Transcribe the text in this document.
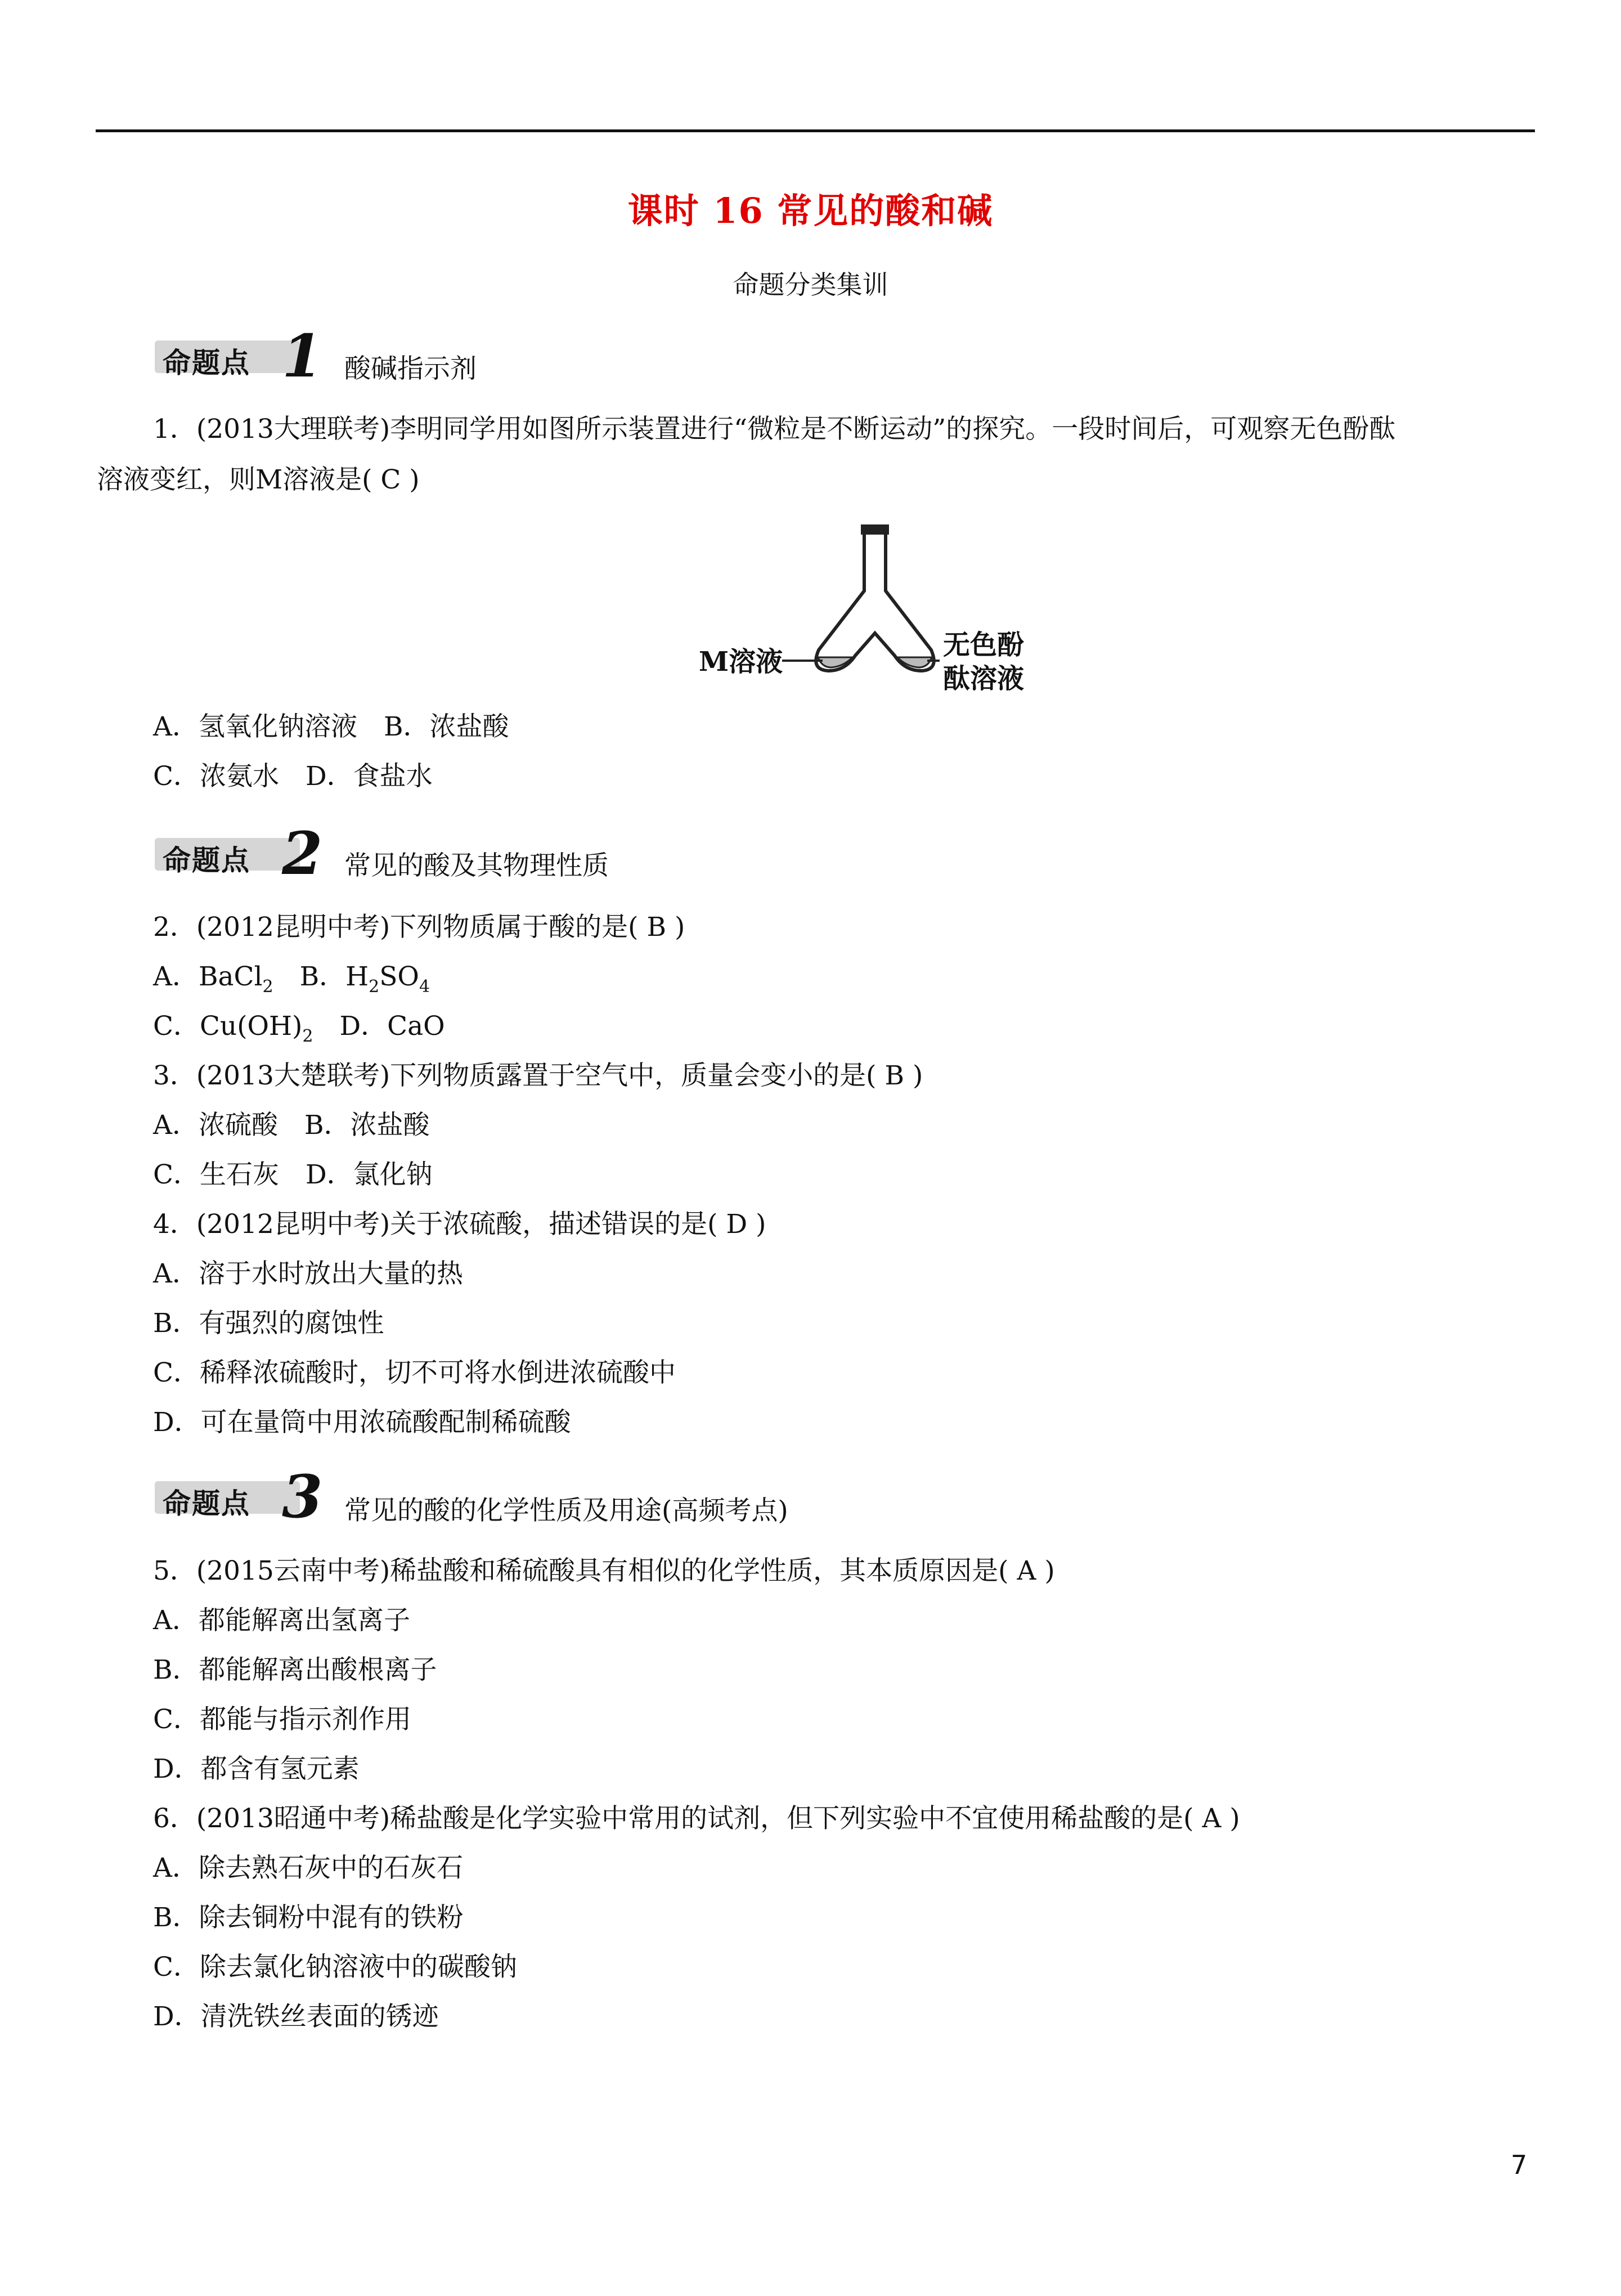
课时 16 常见的酸和碱
命题分类集训
命题点 1 酸碱指示剂
1．(2013大理联考)李明同学用如图所示装置进行“微粒是不断运动”的探究。一段时间后，可观察无色酚酞
溶液变红，则M溶液是( C )
M溶液
无色酚
酞溶液
A．氢氧化钠溶液　B．浓盐酸
C．浓氨水　D．食盐水
命题点 2 常见的酸及其物理性质
2．(2012昆明中考)下列物质属于酸的是( B )
A．BaCl$_2$　B．$H_2SO_4$
C．$Cu(OH)_2$　D．CaO
3．(2013大楚联考)下列物质露置于空气中，质量会变小的是( B )
A．浓硫酸　B．浓盐酸
C．生石灰　D．氯化钠
4．(2012昆明中考)关于浓硫酸，描述错误的是( D )
A．溶于水时放出大量的热
B．有强烈的腐蚀性
C．稀释浓硫酸时，切不可将水倒进浓硫酸中
D．可在量筒中用浓硫酸配制稀硫酸
命题点 3 常见的酸的化学性质及用途(高频考点)
5．(2015云南中考)稀盐酸和稀硫酸具有相似的化学性质，其本质原因是( A )
A．都能解离出氢离子
B．都能解离出酸根离子
C．都能与指示剂作用
D．都含有氢元素
6．(2013昭通中考)稀盐酸是化学实验中常用的试剂，但下列实验中不宜使用稀盐酸的是( A )
A．除去熟石灰中的石灰石
B．除去铜粉中混有的铁粉
C．除去氯化钠溶液中的碳酸钠
D．清洗铁丝表面的锈迹
7
